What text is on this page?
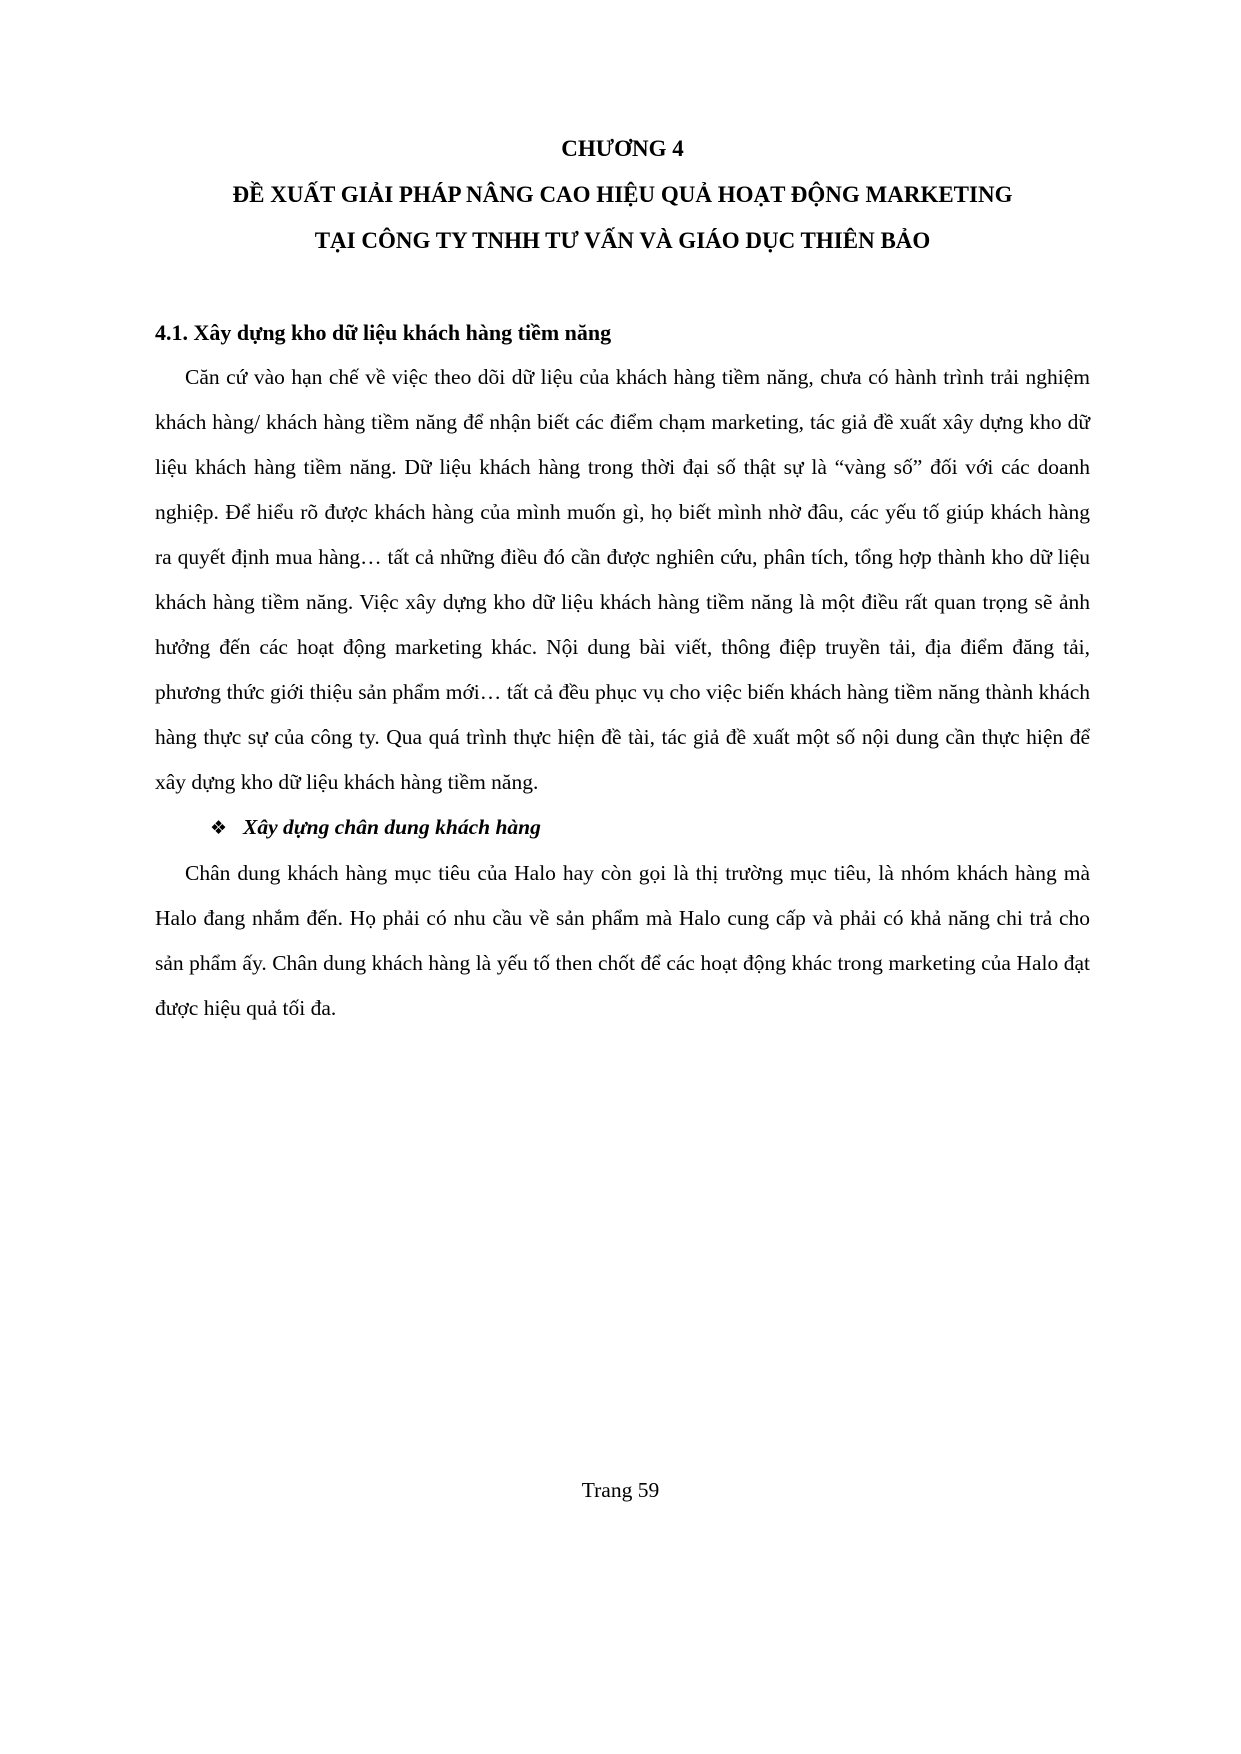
CHƯƠNG 4
ĐỀ XUẤT GIẢI PHÁP NÂNG CAO HIỆU QUẢ HOẠT ĐỘNG MARKETING
TẠI CÔNG TY TNHH TƯ VẤN VÀ GIÁO DỤC THIÊN BẢO
4.1. Xây dựng kho dữ liệu khách hàng tiềm năng

Căn cứ vào hạn chế về việc theo dõi dữ liệu của khách hàng tiềm năng, chưa có hành trình trải nghiệm khách hàng/ khách hàng tiềm năng để nhận biết các điểm chạm marketing, tác giả đề xuất xây dựng kho dữ liệu khách hàng tiềm năng. Dữ liệu khách hàng trong thời đại số thật sự là “vàng số” đối với các doanh nghiệp. Để hiểu rõ được khách hàng của mình muốn gì, họ biết mình nhờ đâu, các yếu tố giúp khách hàng ra quyết định mua hàng… tất cả những điều đó cần được nghiên cứu, phân tích, tổng hợp thành kho dữ liệu khách hàng tiềm năng. Việc xây dựng kho dữ liệu khách hàng tiềm năng là một điều rất quan trọng sẽ ảnh hưởng đến các hoạt động marketing khác. Nội dung bài viết, thông điệp truyền tải, địa điểm đăng tải, phương thức giới thiệu sản phẩm mới… tất cả đều phục vụ cho việc biến khách hàng tiềm năng thành khách hàng thực sự của công ty. Qua quá trình thực hiện đề tài, tác giả đề xuất một số nội dung cần thực hiện để xây dựng kho dữ liệu khách hàng tiềm năng.

❖ Xây dựng chân dung khách hàng

Chân dung khách hàng mục tiêu của Halo hay còn gọi là thị trường mục tiêu, là nhóm khách hàng mà Halo đang nhắm đến. Họ phải có nhu cầu về sản phẩm mà Halo cung cấp và phải có khả năng chi trả cho sản phẩm ấy. Chân dung khách hàng là yếu tố then chốt để các hoạt động khác trong marketing của Halo đạt được hiệu quả tối đa.

Trang 59
